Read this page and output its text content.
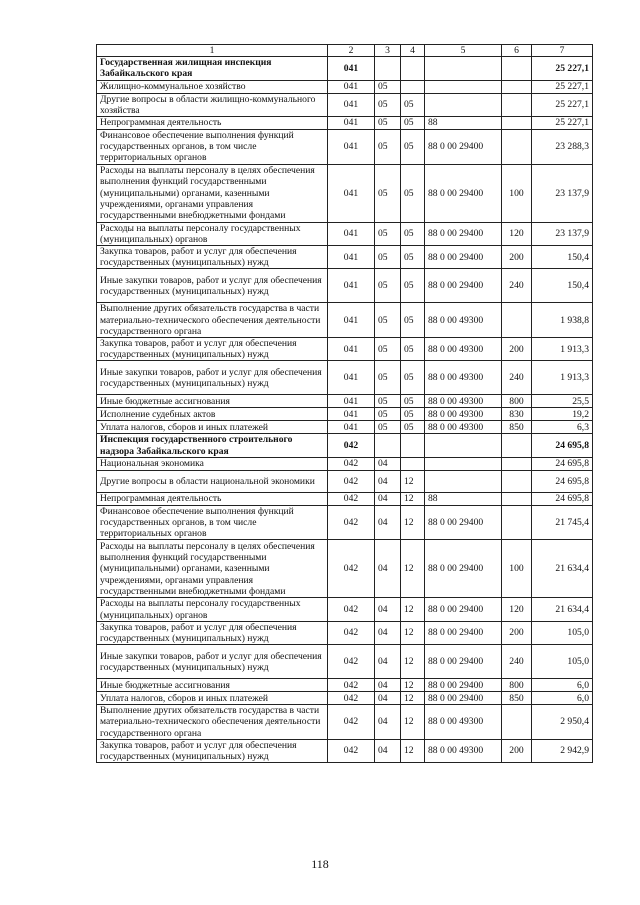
1	2	3	4	5	6	7
Государственная жилищная инспекция Забайкальского края	041					25 227,1
Жилищно-коммунальное хозяйство	041	05				25 227,1
Другие вопросы в области жилищно-коммунального хозяйства	041	05	05			25 227,1
Непрограммная деятельность	041	05	05	88		25 227,1
Финансовое обеспечение выполнения функций государственных органов, в том числе территориальных органов	041	05	05	88 0 00 29400		23 288,3
Расходы на выплаты персоналу в целях обеспечения выполнения функций государственными (муниципальными) органами, казенными учреждениями, органами управления государственными внебюджетными фондами	041	05	05	88 0 00 29400	100	23 137,9
Расходы на выплаты персоналу государственных (муниципальных) органов	041	05	05	88 0 00 29400	120	23 137,9
Закупка товаров, работ и услуг для обеспечения государственных (муниципальных) нужд	041	05	05	88 0 00 29400	200	150,4
Иные закупки товаров, работ и услуг для обеспечения государственных (муниципальных) нужд	041	05	05	88 0 00 29400	240	150,4
Выполнение других обязательств государства в части материально-технического обеспечения деятельности государственного органа	041	05	05	88 0 00 49300		1 938,8
Закупка товаров, работ и услуг для обеспечения государственных (муниципальных) нужд	041	05	05	88 0 00 49300	200	1 913,3
Иные закупки товаров, работ и услуг для обеспечения государственных (муниципальных) нужд	041	05	05	88 0 00 49300	240	1 913,3
Иные бюджетные ассигнования	041	05	05	88 0 00 49300	800	25,5
Исполнение судебных актов	041	05	05	88 0 00 49300	830	19,2
Уплата налогов, сборов и иных платежей	041	05	05	88 0 00 49300	850	6,3
Инспекция государственного строительного надзора Забайкальского края	042					24 695,8
Национальная экономика	042	04				24 695,8
Другие вопросы в области национальной экономики	042	04	12			24 695,8
Непрограммная деятельность	042	04	12	88		24 695,8
Финансовое обеспечение выполнения функций государственных органов, в том числе территориальных органов	042	04	12	88 0 00 29400		21 745,4
Расходы на выплаты персоналу в целях обеспечения выполнения функций государственными (муниципальными) органами, казенными учреждениями, органами управления государственными внебюджетными фондами	042	04	12	88 0 00 29400	100	21 634,4
Расходы на выплаты персоналу государственных (муниципальных) органов	042	04	12	88 0 00 29400	120	21 634,4
Закупка товаров, работ и услуг для обеспечения государственных (муниципальных) нужд	042	04	12	88 0 00 29400	200	105,0
Иные закупки товаров, работ и услуг для обеспечения государственных (муниципальных) нужд	042	04	12	88 0 00 29400	240	105,0
Иные бюджетные ассигнования	042	04	12	88 0 00 29400	800	6,0
Уплата налогов, сборов и иных платежей	042	04	12	88 0 00 29400	850	6,0
Выполнение других обязательств государства в части материально-технического обеспечения деятельности государственного органа	042	04	12	88 0 00 49300		2 950,4
Закупка товаров, работ и услуг для обеспечения государственных (муниципальных) нужд	042	04	12	88 0 00 49300	200	2 942,9
118
